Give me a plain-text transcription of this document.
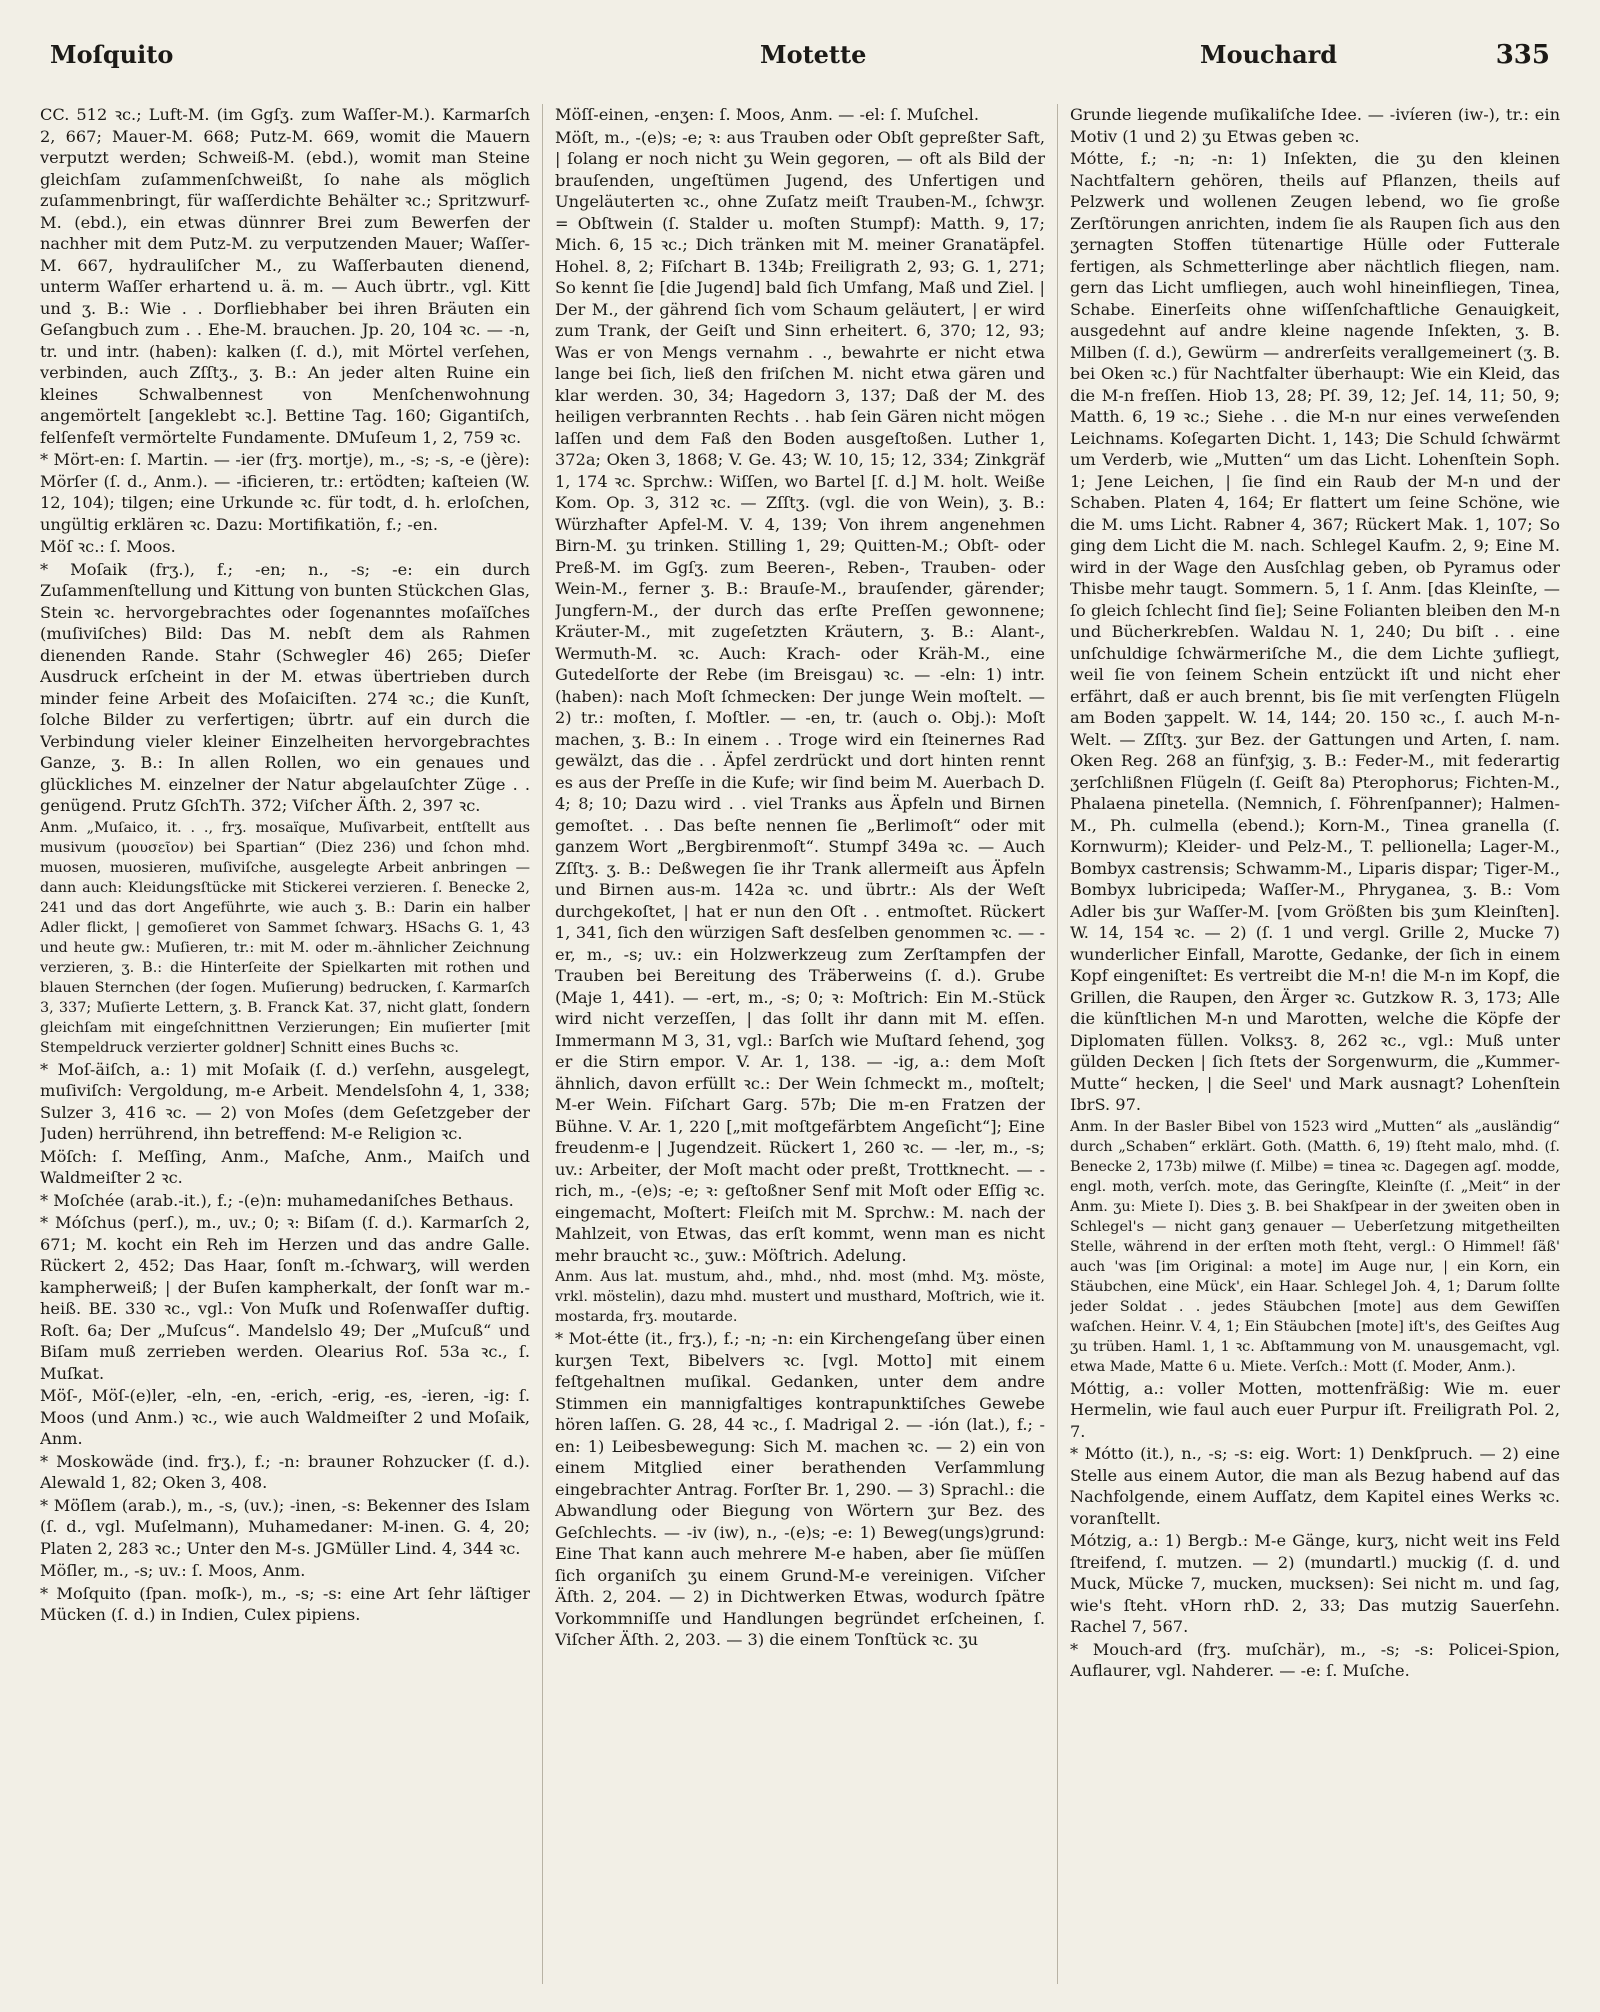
Moſquito	Motette	Mouchard	335

CC. 512 ꝛc.; Luft-M. (im Ggſʒ. zum Waſſer-M.). Karmarſch 2, 667; Mauer-M. 668; Putz-M. 669, womit die Mauern verputzt werden; Schweiß-M. (ebd.), womit man Steine gleichſam zuſammenſchweißt, ſo nahe als möglich zuſammenbringt, für waſſerdichte Behälter ꝛc.; Spritzwurf-M. (ebd.), ein etwas dünnrer Brei zum Bewerfen der nachher mit dem Putz-M. zu verputzenden Mauer; Waſſer-M. 667, hydrauliſcher M., zu Waſſerbauten dienend, unterm Waſſer erhartend u. ä. m. — Auch übrtr., vgl. Kitt und ʒ. B.: Wie . . Dorfliebhaber bei ihren Bräuten ein Geſangbuch zum . . Ehe-M. brauchen. Jp. 20, 104 ꝛc. — -n, tr. und intr. (haben): kalken (ſ. d.), mit Mörtel verſehen, verbinden, auch Zſſtʒ., ʒ. B.: An jeder alten Ruine ein kleines Schwalbennest von Menſchenwohnung angemörtelt [angeklebt ꝛc.]. Bettine Tag. 160; Gigantiſch, felſenfeſt vermörtelte Fundamente. DMuſeum 1, 2, 759 ꝛc.

* Mört-en: ſ. Martin. — -ier (frʒ. mortje), m., -s; -s, -e (jère): Mörſer (ſ. d., Anm.). — -ificieren, tr.: ertödten; kaſteien (W. 12, 104); tilgen; eine Urkunde ꝛc. für todt, d. h. erloſchen, ungültig erklären ꝛc. Dazu: Mortifikatiön, f.; -en.

Möſ ꝛc.: ſ. Moos.

* Moſaik (frʒ.), f.; -en; n., -s; -e: ein durch Zuſammenſtellung und Kittung von bunten Stückchen Glas, Stein ꝛc. hervorgebrachtes oder ſogenanntes moſaïſches (muſiviſches) Bild: Das M. nebſt dem als Rahmen dienenden Rande. Stahr (Schwegler 46) 265; Dieſer Ausdruck erſcheint in der M. etwas übertrieben durch minder feine Arbeit des Moſaiciſten. 274 ꝛc.; die Kunſt, ſolche Bilder zu verfertigen; übrtr. auf ein durch die Verbindung vieler kleiner Einzelheiten hervorgebrachtes Ganze, ʒ. B.: In allen Rollen, wo ein genaues und glückliches M. einzelner der Natur abgelauſchter Züge . . genügend. Prutz GſchTh. 372; Viſcher Äſth. 2, 397 ꝛc.

Anm. „Muſaico, it. . ., frʒ. mosaïque, Muſivarbeit, entſtellt aus musivum (μουσεῖον) bei Spartian“ (Diez 236) und ſchon mhd. muosen, muosieren, muſiviſche, ausgelegte Arbeit anbringen — dann auch: Kleidungsſtücke mit Stickerei verzieren. ſ. Benecke 2, 241 und das dort Angeführte, wie auch ʒ. B.: Darin ein halber Adler flickt, | gemoſieret von Sammet ſchwarʒ. HSachs G. 1, 43 und heute gw.: Muſieren, tr.: mit M. oder m.-ähnlicher Zeichnung verzieren, ʒ. B.: die Hinterſeite der Spielkarten mit rothen und blauen Sternchen (der ſogen. Muſierung) bedrucken, ſ. Karmarſch 3, 337; Muſierte Lettern, ʒ. B. Franck Kat. 37, nicht glatt, ſondern gleichſam mit eingeſchnittnen Verzierungen; Ein muſierter [mit Stempeldruck verzierter goldner] Schnitt eines Buchs ꝛc.

* Moſ-äiſch, a.: 1) mit Moſaik (ſ. d.) verſehn, ausgelegt, muſiviſch: Vergoldung, m-e Arbeit. Mendelsſohn 4, 1, 338; Sulzer 3, 416 ꝛc. — 2) von Moſes (dem Geſetzgeber der Juden) herrührend, ihn betreffend: M-e Religion ꝛc.

Möſch: ſ. Meſſing, Anm., Maſche, Anm., Maiſch und Waldmeiſter 2 ꝛc.

* Moſchée (arab.-it.), f.; -(e)n: muhamedaniſches Bethaus.

* Móſchus (perſ.), m., uv.; 0; ꝛ: Biſam (ſ. d.). Karmarſch 2, 671; M. kocht ein Reh im Herzen und das andre Galle. Rückert 2, 452; Das Haar, ſonſt m.-ſchwarʒ, will werden kampherweiß; | der Buſen kampherkalt, der ſonſt war m.-heiß. BE. 330 ꝛc., vgl.: Von Muſk und Roſenwaſſer duftig. Roſt. 6a; Der „Muſcus“. Mandelslo 49; Der „Muſcuß“ und Biſam muß zerrieben werden. Olearius Roſ. 53a ꝛc., ſ. Muſkat.

Möſ-, Möſ-(e)ler, -eln, -en, -erich, -erig, -es, -ieren, -ig: ſ. Moos (und Anm.) ꝛc., wie auch Waldmeiſter 2 und Moſaik, Anm.

* Moskowäde (ind. frʒ.), f.; -n: brauner Rohzucker (ſ. d.). Alewald 1, 82; Oken 3, 408.

* Möſlem (arab.), m., -s, (uv.); -inen, -s: Bekenner des Islam (ſ. d., vgl. Muſelmann), Muhamedaner: M-inen. G. 4, 20; Platen 2, 283 ꝛc.; Unter den M-s. JGMüller Lind. 4, 344 ꝛc.

Möſler, m., -s; uv.: ſ. Moos, Anm.

* Moſquito (ſpan. moſk-), m., -s; -s: eine Art ſehr läſtiger Mücken (ſ. d.) in Indien, Culex pipiens.

Möſſ-einen, -enʒen: ſ. Moos, Anm. — -el: ſ. Muſchel.

Möſt, m., -(e)s; -e; ꝛ: aus Trauben oder Obſt gepreßter Saft, | ſolang er noch nicht ʒu Wein gegoren, — oft als Bild der brauſenden, ungeſtümen Jugend, des Unfertigen und Ungeläuterten ꝛc., ohne Zuſatz meiſt Trauben-M., ſchwʒr. = Obſtwein (ſ. Stalder u. moſten Stumpf): Matth. 9, 17; Mich. 6, 15 ꝛc.; Dich tränken mit M. meiner Granatäpfel. Hohel. 8, 2; Fiſchart B. 134b; Freiligrath 2, 93; G. 1, 271; So kennt ſie [die Jugend] bald ſich Umfang, Maß und Ziel. | Der M., der gährend ſich vom Schaum geläutert, | er wird zum Trank, der Geiſt und Sinn erheitert. 6, 370; 12, 93; Was er von Mengs vernahm . ., bewahrte er nicht etwa lange bei ſich, ließ den friſchen M. nicht etwa gären und klar werden. 30, 34; Hagedorn 3, 137; Daß der M. des heiligen verbrannten Rechts . . hab ſein Gären nicht mögen laſſen und dem Faß den Boden ausgeſtoßen. Luther 1, 372a; Oken 3, 1868; V. Ge. 43; W. 10, 15; 12, 334; Zinkgräf 1, 174 ꝛc. Sprchw.: Wiſſen, wo Bartel [ſ. d.] M. holt. Weiße Kom. Op. 3, 312 ꝛc. — Zſſtʒ. (vgl. die von Wein), ʒ. B.: Würzhafter Apfel-M. V. 4, 139; Von ihrem angenehmen Birn-M. ʒu trinken. Stilling 1, 29; Quitten-M.; Obſt- oder Preß-M. im Ggſʒ. zum Beeren-, Reben-, Trauben- oder Wein-M., ferner ʒ. B.: Brauſe-M., brauſender, gärender; Jungfern-M., der durch das erſte Preſſen gewonnene; Kräuter-M., mit zugeſetzten Kräutern, ʒ. B.: Alant-, Wermuth-M. ꝛc. Auch: Krach- oder Kräh-M., eine Gutedelſorte der Rebe (im Breisgau) ꝛc. — -eln: 1) intr. (haben): nach Moſt ſchmecken: Der junge Wein moſtelt. — 2) tr.: moſten, ſ. Moſtler. — -en, tr. (auch o. Obj.): Moſt machen, ʒ. B.: In einem . . Troge wird ein ſteinernes Rad gewälzt, das die . . Äpfel zerdrückt und dort hinten rennt es aus der Preſſe in die Kufe; wir ſind beim M. Auerbach D. 4; 8; 10; Dazu wird . . viel Tranks aus Äpfeln und Birnen gemoſtet. . . Das beſte nennen ſie „Berlimoſt“ oder mit ganzem Wort „Bergbirenmoſt“. Stumpf 349a ꝛc. — Auch Zſſtʒ. ʒ. B.: Deßwegen ſie ihr Trank allermeiſt aus Äpfeln und Birnen aus-m. 142a ꝛc. und übrtr.: Als der Weſt durchgekoſtet, | hat er nun den Oſt . . entmoſtet. Rückert 1, 341, ſich den würzigen Saft desſelben genommen ꝛc. — -er, m., -s; uv.: ein Holzwerkzeug zum Zerſtampfen der Trauben bei Bereitung des Träberweins (ſ. d.). Grube (Maje 1, 441). — -ert, m., -s; 0; ꝛ: Moſtrich: Ein M.-Stück wird nicht verzeſſen, | das ſollt ihr dann mit M. eſſen. Immermann M 3, 31, vgl.: Barſch wie Muſtard ſehend, ʒog er die Stirn empor. V. Ar. 1, 138. — -ig, a.: dem Moſt ähnlich, davon erfüllt ꝛc.: Der Wein ſchmeckt m., moſtelt; M-er Wein. Fiſchart Garg. 57b; Die m-en Fratzen der Bühne. V. Ar. 1, 220 [„mit moſtgefärbtem Angeſicht“]; Eine freudenm-e | Jugendzeit. Rückert 1, 260 ꝛc. — -ler, m., -s; uv.: Arbeiter, der Moſt macht oder preßt, Trottknecht. — -rich, m., -(e)s; -e; ꝛ: geſtoßner Senf mit Moſt oder Eſſig ꝛc. eingemacht, Moſtert: Fleiſch mit M. Sprchw.: M. nach der Mahlzeit, von Etwas, das erſt kommt, wenn man es nicht mehr braucht ꝛc., ʒuw.: Möſtrich. Adelung.

Anm. Aus lat. mustum, ahd., mhd., nhd. most (mhd. Mʒ. möste, vrkl. möstelin), dazu mhd. mustert und musthard, Moſtrich, wie it. mostarda, frʒ. moutarde.

* Mot-étte (it., frʒ.), f.; -n; -n: ein Kirchengeſang über einen kurʒen Text, Bibelvers ꝛc. [vgl. Motto] mit einem feſtgehaltnen muſikal. Gedanken, unter dem andre Stimmen ein mannigfaltiges kontrapunktiſches Gewebe hören laſſen. G. 28, 44 ꝛc., ſ. Madrigal 2. — -ión (lat.), f.; -en: 1) Leibesbewegung: Sich M. machen ꝛc. — 2) ein von einem Mitglied einer berathenden Verſammlung eingebrachter Antrag. Forſter Br. 1, 290. — 3) Sprachl.: die Abwandlung oder Biegung von Wörtern ʒur Bez. des Geſchlechts. — -iv (iw), n., -(e)s; -e: 1) Beweg(ungs)grund: Eine That kann auch mehrere M-e haben, aber ſie müſſen ſich organiſch ʒu einem Grund-M-e vereinigen. Viſcher Äſth. 2, 204. — 2) in Dichtwerken Etwas, wodurch ſpätre Vorkommniſſe und Handlungen begründet erſcheinen, ſ. Viſcher Äſth. 2, 203. — 3) die einem Tonſtück ꝛc. ʒu

Grunde liegende muſikaliſche Idee. — -ivíeren (iw-), tr.: ein Motiv (1 und 2) ʒu Etwas geben ꝛc.

Mótte, f.; -n; -n: 1) Inſekten, die ʒu den kleinen Nachtfaltern gehören, theils auf Pflanzen, theils auf Pelzwerk und wollenen Zeugen lebend, wo ſie große Zerſtörungen anrichten, indem ſie als Raupen ſich aus den ʒernagten Stoffen tütenartige Hülle oder Futterale fertigen, als Schmetterlinge aber nächtlich fliegen, nam. gern das Licht umfliegen, auch wohl hineinfliegen, Tinea, Schabe. Einerſeits ohne wiſſenſchaftliche Genauigkeit, ausgedehnt auf andre kleine nagende Inſekten, ʒ. B. Milben (ſ. d.), Gewürm — andrerſeits verallgemeinert (ʒ. B. bei Oken ꝛc.) für Nachtfalter überhaupt: Wie ein Kleid, das die M-n freſſen. Hiob 13, 28; Pſ. 39, 12; Jeſ. 14, 11; 50, 9; Matth. 6, 19 ꝛc.; Siehe . . die M-n nur eines verweſenden Leichnams. Koſegarten Dicht. 1, 143; Die Schuld ſchwärmt um Verderb, wie „Mutten“ um das Licht. Lohenſtein Soph. 1; Jene Leichen, | ſie ſind ein Raub der M-n und der Schaben. Platen 4, 164; Er flattert um ſeine Schöne, wie die M. ums Licht. Rabner 4, 367; Rückert Mak. 1, 107; So ging dem Licht die M. nach. Schlegel Kaufm. 2, 9; Eine M. wird in der Wage den Ausſchlag geben, ob Pyramus oder Thisbe mehr taugt. Sommern. 5, 1 ſ. Anm. [das Kleinſte, — ſo gleich ſchlecht ſind ſie]; Seine Folianten bleiben den M-n und Bücherkrebſen. Waldau N. 1, 240; Du biſt . . eine unſchuldige ſchwärmeriſche M., die dem Lichte ʒufliegt, weil ſie von ſeinem Schein entzückt iſt und nicht eher erfährt, daß er auch brennt, bis ſie mit verſengten Flügeln am Boden ʒappelt. W. 14, 144; 20. 150 ꝛc., ſ. auch M-n-Welt. — Zſſtʒ. ʒur Bez. der Gattungen und Arten, ſ. nam. Oken Reg. 268 an fünfʒig, ʒ. B.: Feder-M., mit federartig ʒerſchlißnen Flügeln (ſ. Geiſt 8a) Pterophorus; Fichten-M., Phalaena pinetella. (Nemnich, ſ. Föhrenſpanner); Halmen-M., Ph. culmella (ebend.); Korn-M., Tinea granella (ſ. Kornwurm); Kleider- und Pelz-M., T. pellionella; Lager-M., Bombyx castrensis; Schwamm-M., Liparis dispar; Tiger-M., Bombyx lubricipeda; Waſſer-M., Phryganea, ʒ. B.: Vom Adler bis ʒur Waſſer-M. [vom Größten bis ʒum Kleinſten]. W. 14, 154 ꝛc. — 2) (ſ. 1 und vergl. Grille 2, Mucke 7) wunderlicher Einfall, Marotte, Gedanke, der ſich in einem Kopf eingeniſtet: Es vertreibt die M-n! die M-n im Kopf, die Grillen, die Raupen, den Ärger ꝛc. Gutzkow R. 3, 173; Alle die künſtlichen M-n und Marotten, welche die Köpfe der Diplomaten füllen. Volksʒ. 8, 262 ꝛc., vgl.: Muß unter gülden Decken | ſich ſtets der Sorgenwurm, die „Kummer-Mutte“ hecken, | die Seel' und Mark ausnagt? Lohenſtein IbrS. 97.

Anm. In der Basler Bibel von 1523 wird „Mutten“ als „ausländig“ durch „Schaben“ erklärt. Goth. (Matth. 6, 19) ſteht malo, mhd. (ſ. Benecke 2, 173b) milwe (ſ. Milbe) = tinea ꝛc. Dagegen agſ. modde, engl. moth, verſch. mote, das Geringſte, Kleinſte (ſ. „Meit“ in der Anm. ʒu: Miete I). Dies ʒ. B. bei Shakſpear in der ʒweiten oben in Schlegel's — nicht ganʒ genauer — Ueberſetzung mitgetheilten Stelle, während in der erſten moth ſteht, vergl.: O Himmel! ſäß' auch 'was [im Original: a mote] im Auge nur, | ein Korn, ein Stäubchen, eine Mück', ein Haar. Schlegel Joh. 4, 1; Darum ſollte jeder Soldat . . jedes Stäubchen [mote] aus dem Gewiſſen waſchen. Heinr. V. 4, 1; Ein Stäubchen [mote] iſt's, des Geiſtes Aug ʒu trüben. Haml. 1, 1 ꝛc. Abſtammung von M. unausgemacht, vgl. etwa Made, Matte 6 u. Miete. Verſch.: Mott (ſ. Moder, Anm.).

Móttig, a.: voller Motten, mottenfräßig: Wie m. euer Hermelin, wie faul auch euer Purpur iſt. Freiligrath Pol. 2, 7.

* Mótto (it.), n., -s; -s: eig. Wort: 1) Denkſpruch. — 2) eine Stelle aus einem Autor, die man als Bezug habend auf das Nachfolgende, einem Aufſatz, dem Kapitel eines Werks ꝛc. voranſtellt.

Mótzig, a.: 1) Bergb.: M-e Gänge, kurʒ, nicht weit ins Feld ſtreifend, ſ. mutzen. — 2) (mundartl.) muckig (ſ. d. und Muck, Mücke 7, mucken, mucksen): Sei nicht m. und ſag, wie's ſteht. vHorn rhD. 2, 33; Das mutzig Sauerſehn. Rachel 7, 567.

* Mouch-ard (frʒ. muſchär), m., -s; -s: Policei-Spion, Auflaurer, vgl. Nahderer. — -e: ſ. Muſche.
